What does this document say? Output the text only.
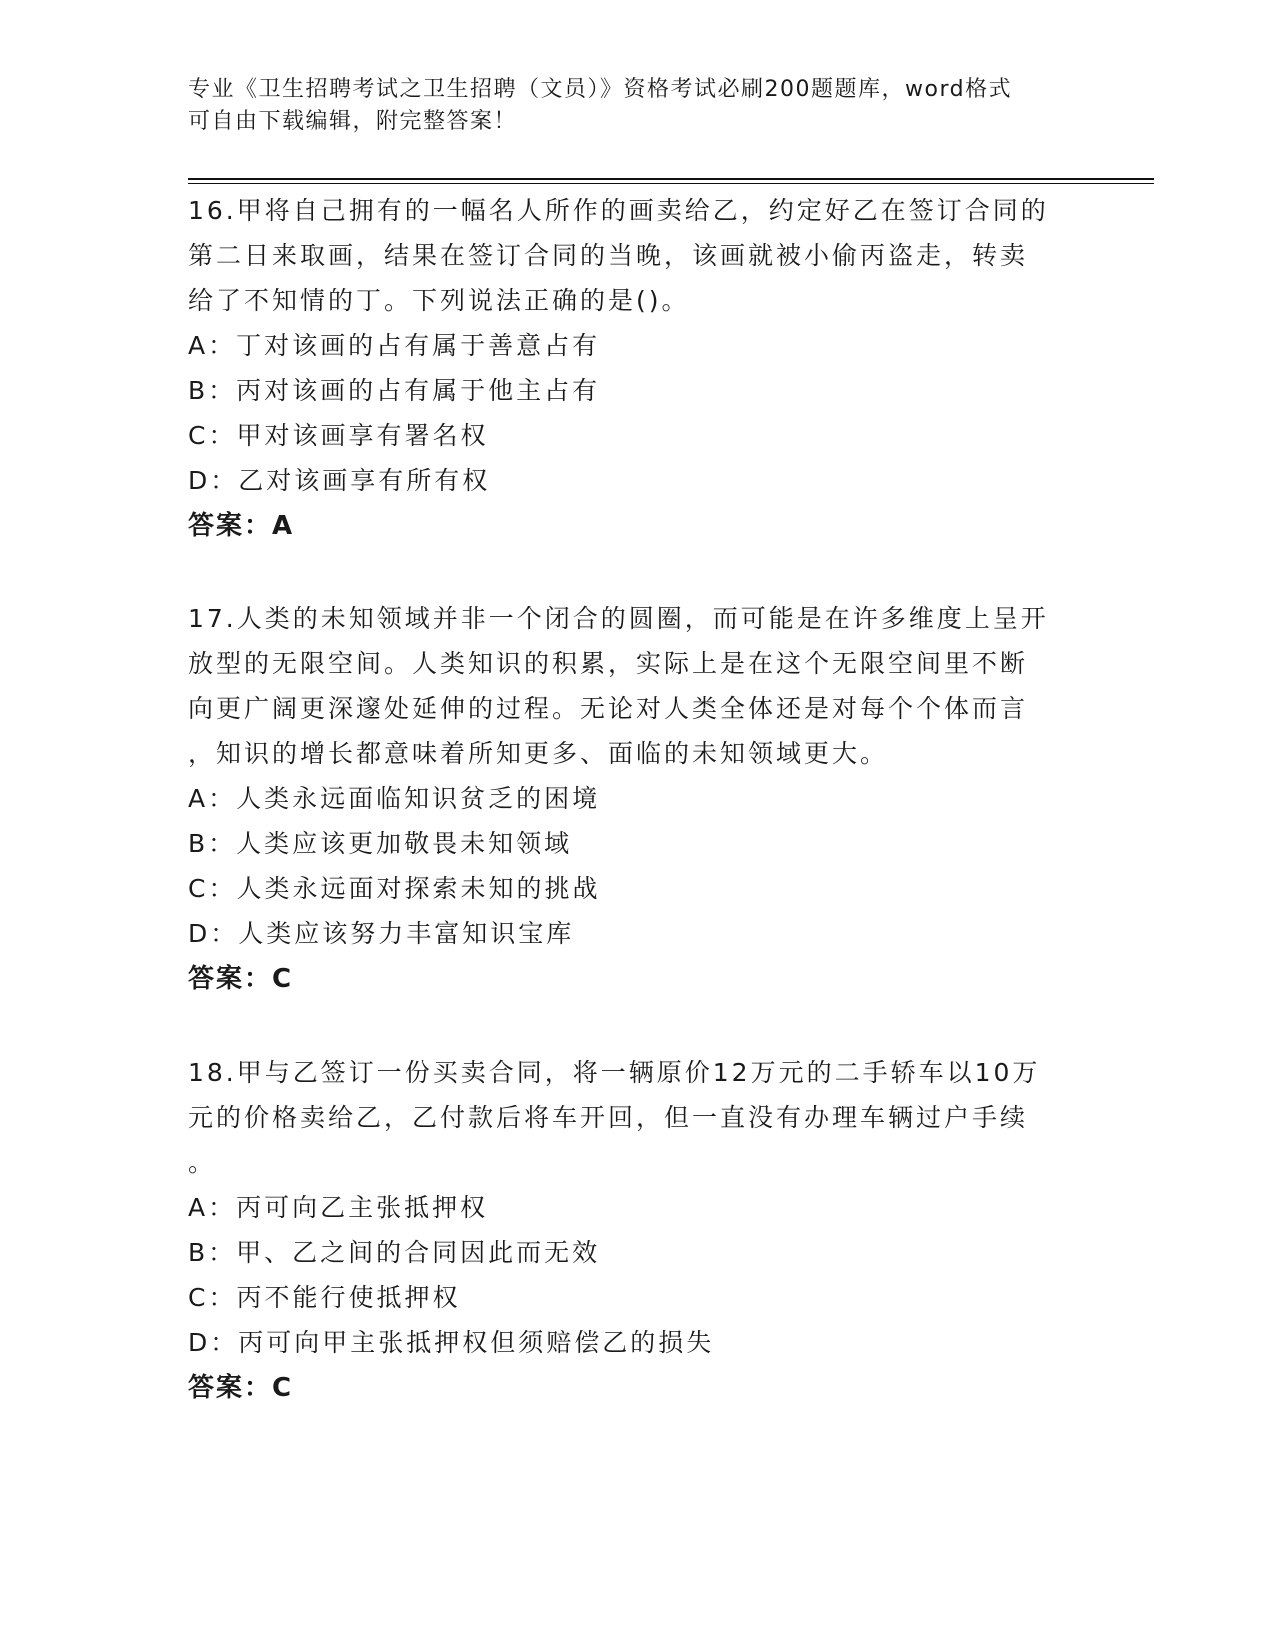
专业《卫生招聘考试之卫生招聘（文员）》资格考试必刷200题题库，word格式
可自由下载编辑，附完整答案！

16.甲将自己拥有的一幅名人所作的画卖给乙，约定好乙在签订合同的

第二日来取画，结果在签订合同的当晚，该画就被小偷丙盗走，转卖

给了不知情的丁。下列说法正确的是()。

A：丁对该画的占有属于善意占有

B：丙对该画的占有属于他主占有

C：甲对该画享有署名权

D：乙对该画享有所有权

答案：A

17.人类的未知领域并非一个闭合的圆圈，而可能是在许多维度上呈开

放型的无限空间。人类知识的积累，实际上是在这个无限空间里不断

向更广阔更深邃处延伸的过程。无论对人类全体还是对每个个体而言

，知识的增长都意味着所知更多、面临的未知领域更大。

A：人类永远面临知识贫乏的困境

B：人类应该更加敬畏未知领域

C：人类永远面对探索未知的挑战

D：人类应该努力丰富知识宝库

答案：C

18.甲与乙签订一份买卖合同，将一辆原价12万元的二手轿车以10万

元的价格卖给乙，乙付款后将车开回，但一直没有办理车辆过户手续

。

A：丙可向乙主张抵押权

B：甲、乙之间的合同因此而无效

C：丙不能行使抵押权

D：丙可向甲主张抵押权但须赔偿乙的损失

答案：C
